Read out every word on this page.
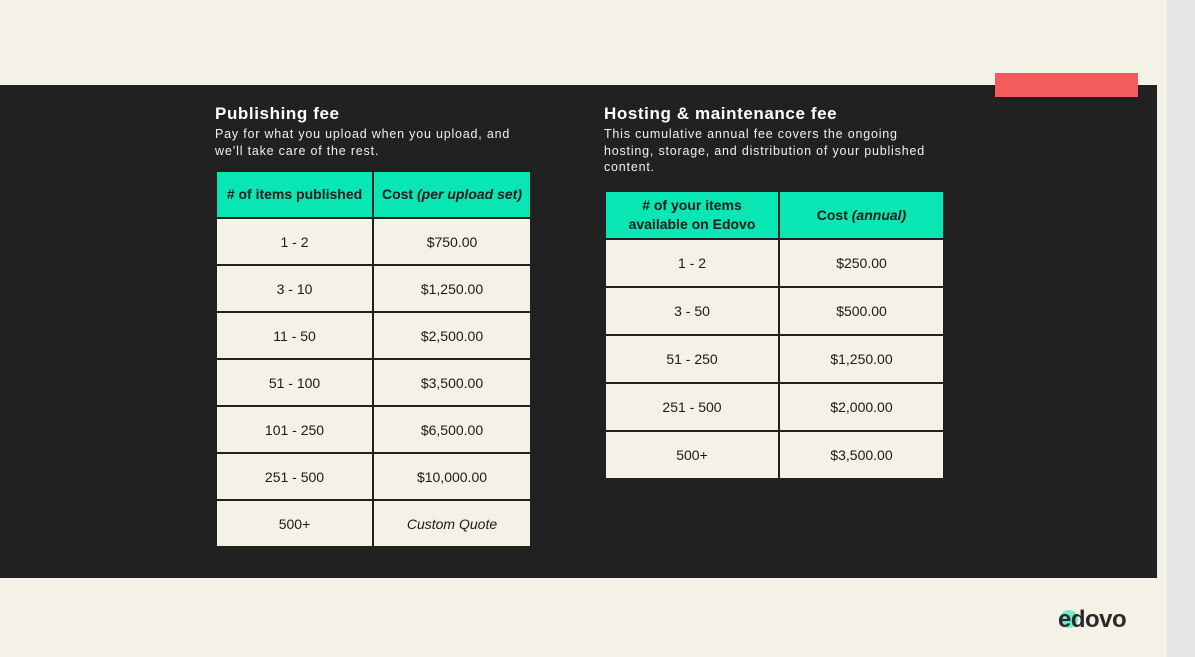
Publishing fee

Pay for what you upload when you upload, and we’ll take care of the rest.

# of items published	Cost (per upload set)
1 - 2	$750.00
3 - 10	$1,250.00
11 - 50	$2,500.00
51 - 100	$3,500.00
101 - 250	$6,500.00
251 - 500	$10,000.00
500+	Custom Quote
Hosting & maintenance fee

This cumulative annual fee covers the ongoing hosting, storage, and distribution of your published content.

# of your items available on Edovo	Cost (annual)
1 - 2	$250.00
3 - 50	$500.00
51 - 250	$1,250.00
251 - 500	$2,000.00
500+	$3,500.00
edovo
